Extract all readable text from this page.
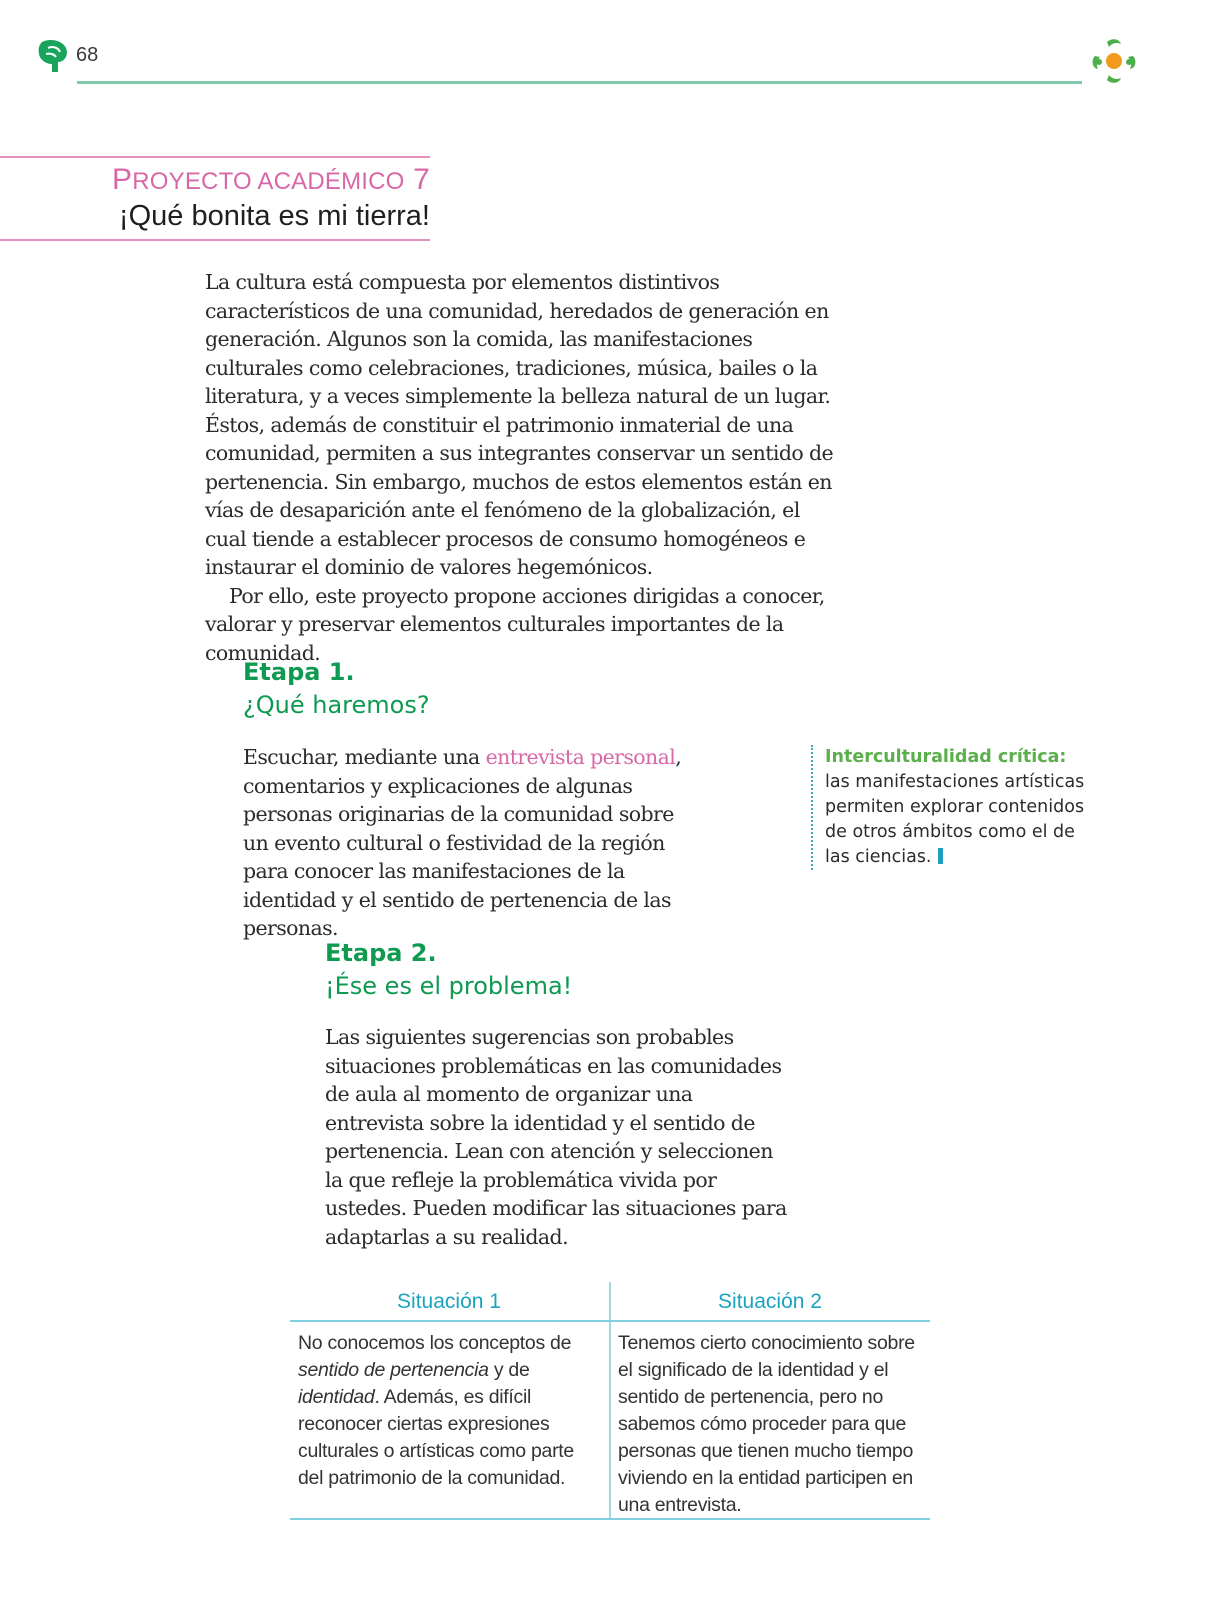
68
PROYECTO ACADÉMICO 7
¡Qué bonita es mi tierra!

La cultura está compuesta por elementos distintivos característicos de una comunidad, heredados de generación en generación. Algunos son la comida, las manifestaciones culturales como celebraciones, tradiciones, música, bailes o la literatura, y a veces simplemente la belleza natural de un lugar. Éstos, además de constituir el patrimonio inmaterial de una comunidad, permiten a sus integrantes conservar un sentido de pertenencia. Sin embargo, muchos de estos elementos están en vías de desaparición ante el fenómeno de la globalización, el cual tiende a establecer procesos de consumo homogéneos e instaurar el dominio de valores hegemónicos.

Por ello, este proyecto propone acciones dirigidas a conocer, valorar y preservar elementos culturales importantes de la comunidad.

Etapa 1.
¿Qué haremos?
Escuchar, mediante una entrevista personal, comentarios y explicaciones de algunas personas originarias de la comunidad sobre un evento cultural o festividad de la región para conocer las manifestaciones de la identidad y el sentido de pertenencia de las personas.
Interculturalidad crítica:
las manifestaciones artísticas permiten explorar contenidos de otros ámbitos como el de las ciencias.
Etapa 2.
¡Ése es el problema!
Las siguientes sugerencias son probables situaciones problemáticas en las comunidades de aula al momento de organizar una entrevista sobre la identidad y el sentido de pertenencia. Lean con atención y seleccionen la que refleje la problemática vivida por ustedes. Pueden modificar las situaciones para adaptarlas a su realidad.
Situación 1	Situación 2
No conocemos los conceptos de sentido de pertenencia y de identidad. Además, es difícil reconocer ciertas expresiones culturales o artísticas como parte del patrimonio de la comunidad.
Tenemos cierto conocimiento sobre el significado de la identidad y el sentido de pertenencia, pero no sabemos cómo proceder para que personas que tienen mucho tiempo viviendo en la entidad participen en una entrevista.
